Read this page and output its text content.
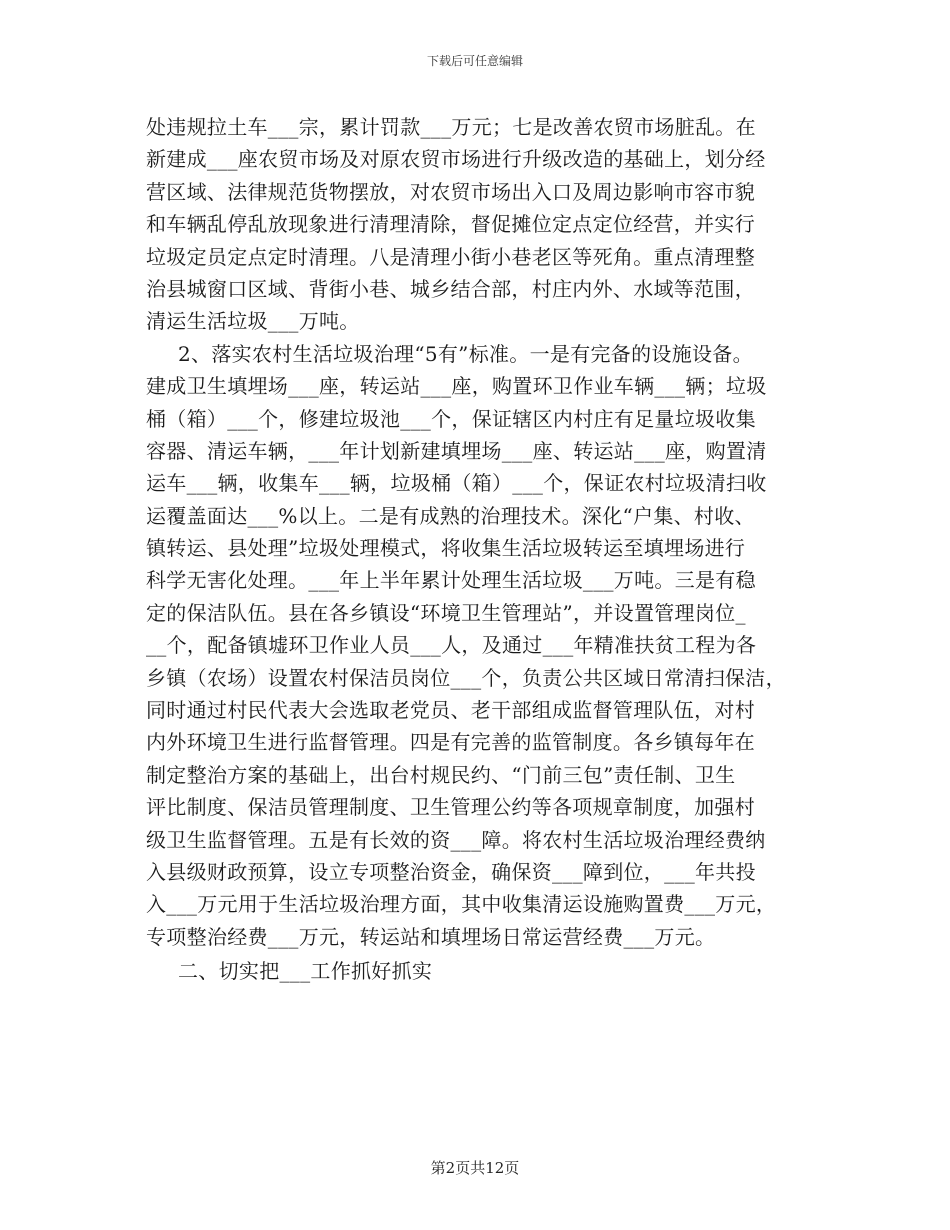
下载后可任意编辑
处违规拉土车___宗，累计罚款___万元；七是改善农贸市场脏乱。在
新建成___座农贸市场及对原农贸市场进行升级改造的基础上，划分经
营区域、法律规范货物摆放，对农贸市场出入口及周边影响市容市貌
和车辆乱停乱放现象进行清理清除，督促摊位定点定位经营，并实行
垃圾定员定点定时清理。八是清理小街小巷老区等死角。重点清理整
治县城窗口区域、背街小巷、城乡结合部，村庄内外、水域等范围，
清运生活垃圾___万吨。
2、落实农村生活垃圾治理“5有”标准。一是有完备的设施设备。
建成卫生填埋场___座，转运站___座，购置环卫作业车辆___辆；垃圾
桶（箱）___个，修建垃圾池___个，保证辖区内村庄有足量垃圾收集
容器、清运车辆，___年计划新建填埋场___座、转运站___座，购置清
运车___辆，收集车___辆，垃圾桶（箱）___个，保证农村垃圾清扫收
运覆盖面达___%以上。二是有成熟的治理技术。深化“户集、村收、
镇转运、县处理”垃圾处理模式，将收集生活垃圾转运至填埋场进行
科学无害化处理。___年上半年累计处理生活垃圾___万吨。三是有稳
定的保洁队伍。县在各乡镇设“环境卫生管理站”，并设置管理岗位_
__个，配备镇墟环卫作业人员___人，及通过___年精准扶贫工程为各
乡镇（农场）设置农村保洁员岗位___个，负责公共区域日常清扫保洁，
同时通过村民代表大会选取老党员、老干部组成监督管理队伍，对村
内外环境卫生进行监督管理。四是有完善的监管制度。各乡镇每年在
制定整治方案的基础上，出台村规民约、“门前三包”责任制、卫生
评比制度、保洁员管理制度、卫生管理公约等各项规章制度，加强村
级卫生监督管理。五是有长效的资___障。将农村生活垃圾治理经费纳
入县级财政预算，设立专项整治资金，确保资___障到位，___年共投
入___万元用于生活垃圾治理方面，其中收集清运设施购置费___万元，
专项整治经费___万元，转运站和填埋场日常运营经费___万元。
二、切实把___工作抓好抓实
第2页共12页
